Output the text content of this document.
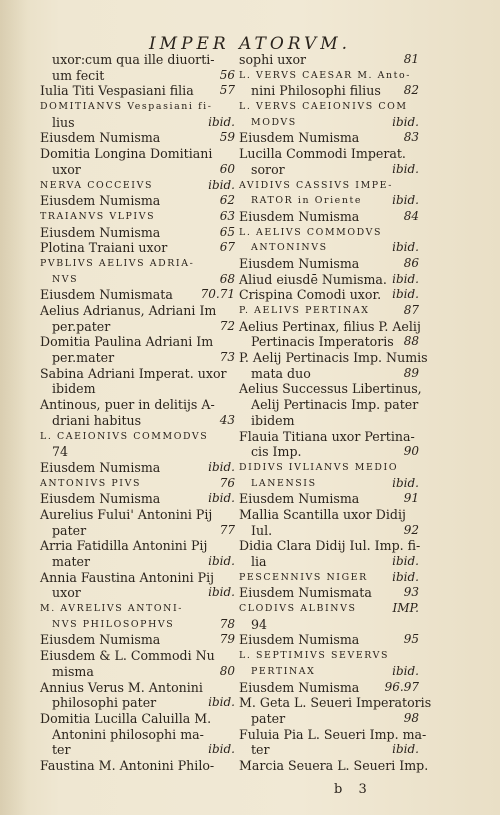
IMPER ATORVM.
uxor:cum qua ille diuorti-
um fecit	56
Iulia Titi Vespasiani filia 57
DOMITIANVS Vespasiani fi-
lius	ibid.
Eiusdem Numisma	59
Domitia Longina Domitiani
uxor	60
NERVA COCCEIVS	ibid.
Eiusdem Numisma	62
TRAIANVS VLPIVS	63
Eiusdem Numisma	65
Plotina Traiani uxor	67
PVBLIVS AELIVS ADRIA-
NVS	68
Eiusdem Numismata 70.71
Aelius Adrianus, Adriani Im
per.pater	72
Domitia Paulina Adriani Im
per.mater	73
Sabina Adriani Imperat. uxor
ibidem
Antinous, puer in delitijs A-
driani habitus	43
L. CAEIONIVS COMMODVS
74
Eiusdem Numisma	ibid.
ANTONIVS PIVS	76
Eiusdem Numisma	ibid.
Aurelius Fului' Antonini Pij
pater	77
Arria Fatidilla Antonini Pij
mater	ibid.
Annia Faustina Antonini Pij
uxor	ibid.
M. AVRELIVS ANTONI-
NVS PHILOSOPHVS	78
Eiusdem Numisma	79
Eiusdem & L. Commodi Nu
misma	80
Annius Verus M. Antonini
philosophi pater	ibid.
Domitia Lucilla Caluilla M.
Antonini philosophi ma-
ter	ibid.
Faustina M. Antonini Philo-
sophi uxor	81
L. VERVS CAESAR M. Anto-
nini Philosophi filius 82
L. VERVS CAEIONIVS COM
MODVS	ibid.
Eiusdem Numisma	83
Lucilla Commodi Imperat.
soror	ibid.
AVIDIVS CASSIVS IMPE-
RATOR in Oriente	ibid.
Eiusdem Numisma	84
L. AELIVS COMMODVS
ANTONINVS	ibid.
Eiusdem Numisma	86
Aliud eiusdē Numisma. ibid.
Crispina Comodi uxor. ibid.
P. AELIVS PERTINAX	87
Aelius Pertinax, filius P. Aelij
Pertinacis Imperatoris 88
P. Aelij Pertinacis Imp. Numis
mata duo	89
Aelius Successus Libertinus,
Aelij Pertinacis Imp. pater
ibidem
Flauia Titiana uxor Pertina-
cis Imp.	90
DIDIVS IVLIANVS MEDIO
LANENSIS	ibid.
Eiusdem Numisma	91
Mallia Scantilla uxor Didij
Iul.	92
Didia Clara Didij Iul. Imp. fi-
lia	ibid.
PESCENNIVS NIGER ibid.
Eiusdem Numismata	93
CLODIVS ALBINVS	IMP.
94
Eiusdem Numisma	95
L. SEPTIMIVS SEVERVS
PERTINAX	ibid.
Eiusdem Numisma 96.97
M. Geta L. Seueri Imperatoris
pater	98
Fuluia Pia L. Seueri Imp. ma-
ter	ibid.
Marcia Seuera L. Seueri Imp.
b 3
